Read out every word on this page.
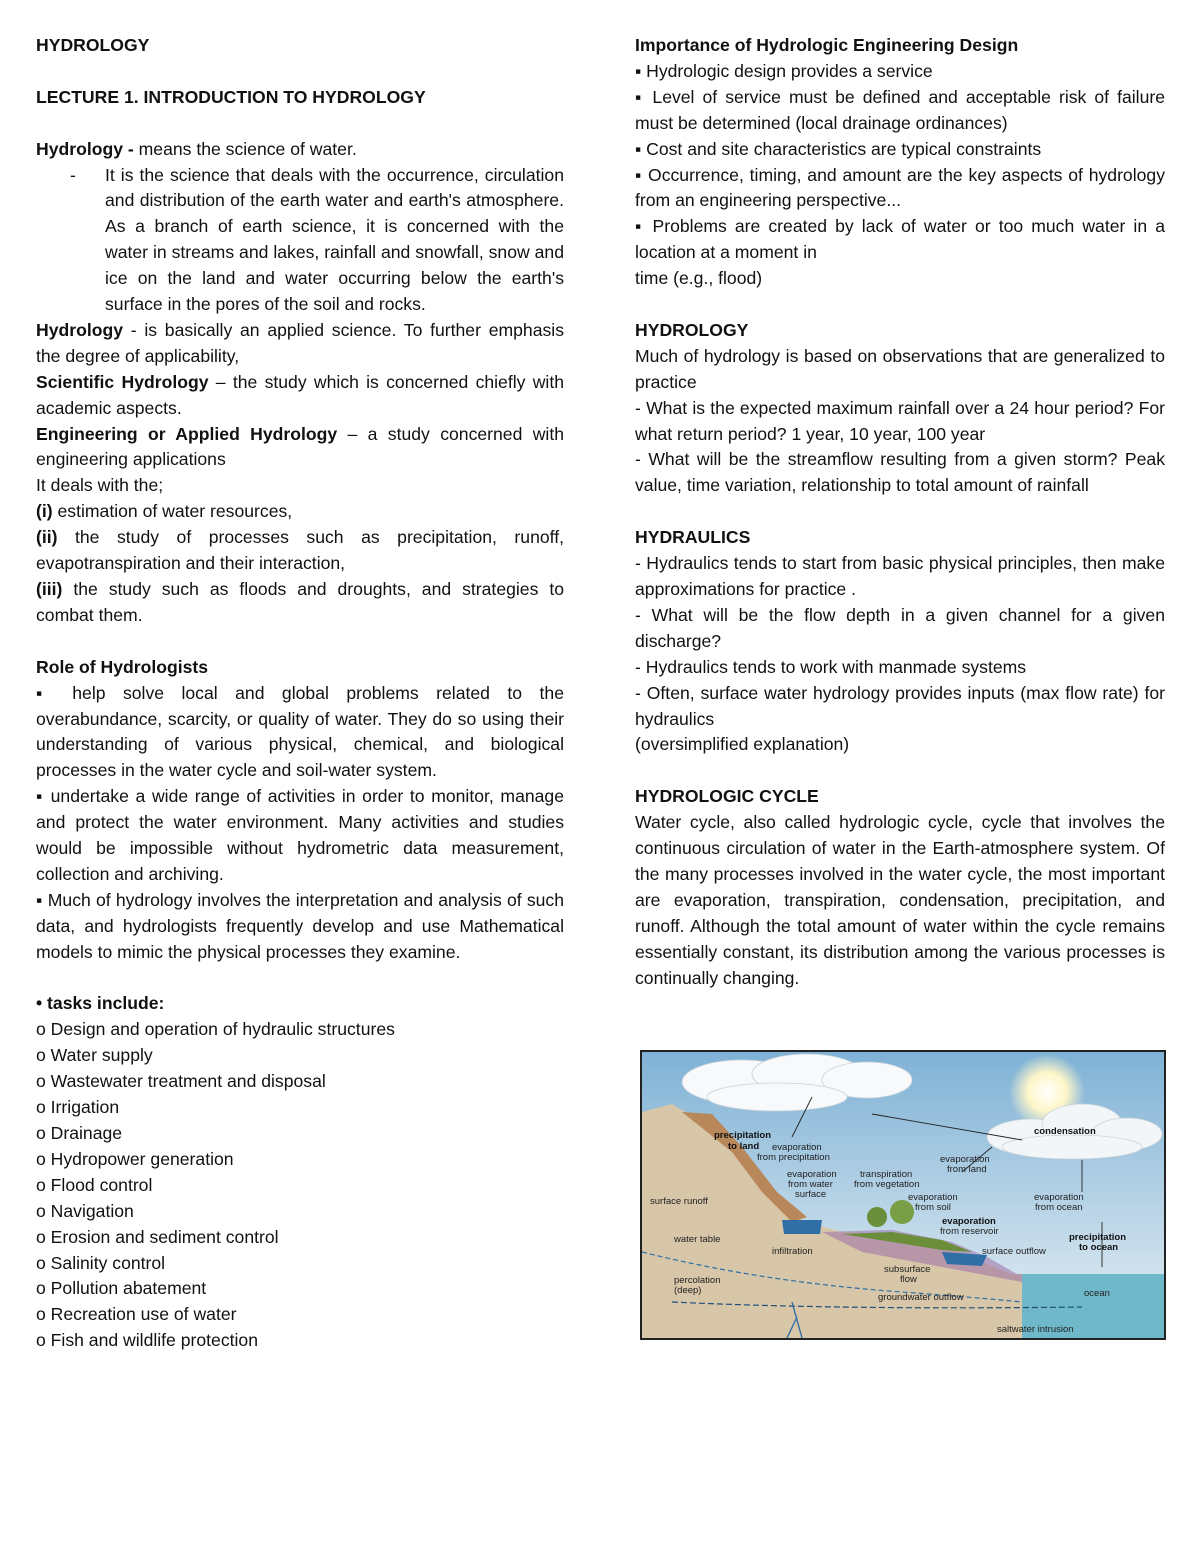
HYDROLOGY

LECTURE 1. INTRODUCTION TO HYDROLOGY

Hydrology - means the science of water.

-	It is the science that deals with the occurrence, circulation and distribution of the earth water and earth's atmosphere. As a branch of earth science, it is concerned with the water in streams and lakes, rainfall and snowfall, snow and ice on the land and water occurring below the earth's surface in the pores of the soil and rocks.

Hydrology - is basically an applied science. To further emphasis the degree of applicability,

Scientific Hydrology – the study which is concerned chiefly with academic aspects.

Engineering or Applied Hydrology – a study concerned with engineering applications

It deals with the;

(i) estimation of water resources,

(ii) the study of processes such as precipitation, runoff, evapotranspiration and their interaction,

(iii) the study such as floods and droughts, and strategies to combat them.

Role of Hydrologists

▪ help solve local and global problems related to the overabundance, scarcity, or quality of water. They do so using their understanding of various physical, chemical, and biological processes in the water cycle and soil-water system.

▪ undertake a wide range of activities in order to monitor, manage and protect the water environment. Many activities and studies would be impossible without hydrometric data measurement, collection and archiving.

▪ Much of hydrology involves the interpretation and analysis of such data, and hydrologists frequently develop and use Mathematical models to mimic the physical processes they examine.

• tasks include:

o Design and operation of hydraulic structures

o Water supply

o Wastewater treatment and disposal

o Irrigation

o Drainage

o Hydropower generation

o Flood control

o Navigation

o Erosion and sediment control

o Salinity control

o Pollution abatement

o Recreation use of water

o Fish and wildlife protection

Importance of Hydrologic Engineering Design

▪ Hydrologic design provides a service

▪ Level of service must be defined and acceptable risk of failure must be determined (local drainage ordinances)

▪ Cost and site characteristics are typical constraints

▪ Occurrence, timing, and amount are the key aspects of hydrology from an engineering perspective...

▪ Problems are created by lack of water or too much water in a location at a moment in

time (e.g., flood)

HYDROLOGY

Much of hydrology is based on observations that are generalized to practice

- What is the expected maximum rainfall over a 24 hour period? For what return period? 1 year, 10 year, 100 year

- What will be the streamflow resulting from a given storm? Peak value, time variation, relationship to total amount of rainfall

HYDRAULICS

- Hydraulics tends to start from basic physical principles, then make approximations for practice .

- What will be the flow depth in a given channel for a given discharge?

- Hydraulics tends to work with manmade systems

- Often, surface water hydrology provides inputs (max flow rate) for hydraulics

(oversimplified explanation)

HYDROLOGIC CYCLE

Water cycle, also called hydrologic cycle, cycle that involves the continuous circulation of water in the Earth-atmosphere system. Of the many processes involved in the water cycle, the most important are evaporation, transpiration, condensation, precipitation, and runoff. Although the total amount of water within the cycle remains essentially constant, its distribution among the various processes is continually changing.

condensation
precipitation
to land evaporation
from precipitation	evaporation
from land
evaporation
from water
surface
transpiration
from vegetation
evaporation
from soil
evaporation
from reservoir
evaporation
from ocean
precipitation
to ocean
surface runoff
water table
infiltration
subsurface
flow
surface outflow
percolation
(deep)
groundwater outflow	ocean
saltwater intrusion
